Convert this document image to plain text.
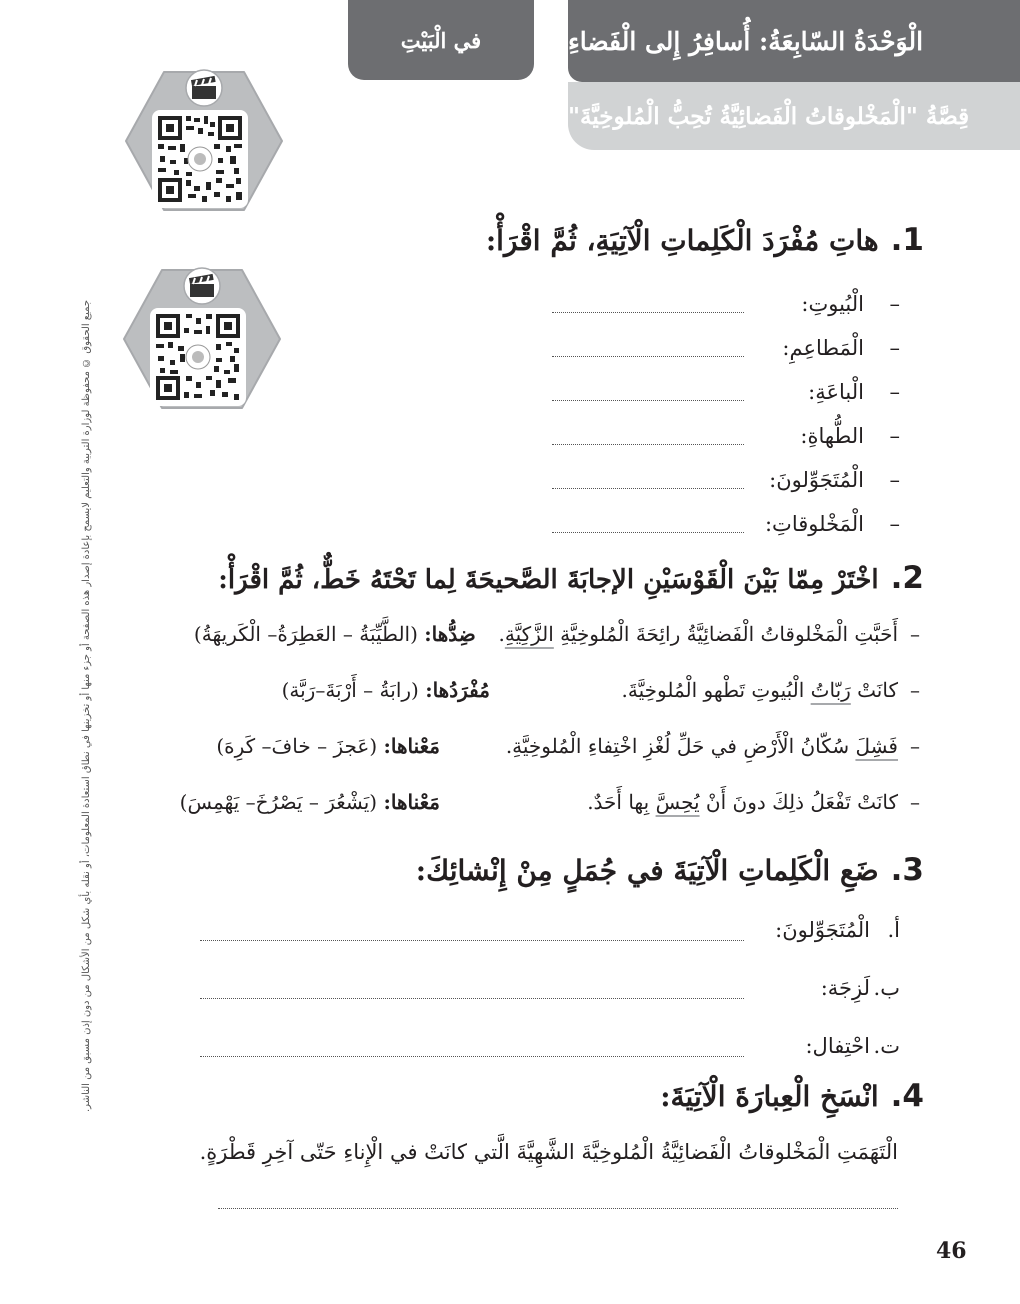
الْوَحْدَةُ السّابِعَةُ: أُسافِرُ إِلى الْفَضاءِ
قِصَّةُ "الْمَخْلوقاتُ الْفَضائِيَّةُ تُحِبُّ الْمُلوخِيَّةَ"
في الْبَيْتِ
جميع الحقوق © محفوظة لوزارة التربية والتعليم لايسمح بإعادة إصدار هذه الصفحة أو جزء منها أو تخزينها في نطاق استعادة المعلومات، أو نقله بأي شكل من الأشكال من دون إذن مسبق من الناشر.
1.هاتِ مُفْرَدَ الْكَلِماتِ الْآتِيَةِ، ثُمَّ اقْرَأْ:
–
الْبُيوتِ:
–
الْمَطاعِمِ:
–
الْباعَةِ:
–
الطُّهاةِ:
–
الْمُتَجَوِّلونَ:
–
الْمَخْلوقاتِ:
2.اخْتَرْ مِمّا بَيْنَ الْقَوْسَيْنِ الإجابَةَ الصَّحيحَةَ لِما تَحْتَهُ خَطٌّ، ثُمَّ اقْرَأْ:
–
أَحَبَّتِ الْمَخْلوقاتُ الْفَضائِيَّةُ رائِحَةَ الْمُلوخِيَّةِ الزَّكِيَّةِ.  ضِدُّها: (الطَّيِّبَةُ – العَطِرَةُ– الْكَريهَةُ)
–
كانَتْ رَبّاتُ الْبُيوتِ تَطْهو الْمُلوخِيَّةَ.
مُفْرَدُها: (رابَةُ – أَرْبَةَ–رَبَّة)
–
فَشِلَ سُكّانُ الْأَرْضِ في حَلِّ لُغْزِ اخْتِفاءِ الْمُلوخِيَّةِ.
مَعْناها: (عَجزَ – خافَ– كَرِهَ)
–
كانَتْ تَفْعَلُ ذلِكَ دونَ أَنْ يُحِسَّ بِها أَحَدٌ.
مَعْناها: (يَشْعُرَ – يَصْرُخَ– يَهْمِسَ)
3.ضَعِ الْكَلِماتِ الْآتِيَةَ في جُمَلٍ مِنْ إِنْشائِكَ:
أ.
الْمُتَجَوِّلونَ:
ب.
لَزِجَة:
ت.
احْتِفال:
4.انْسَخِ الْعِبارَةَ الْآتِيَةَ:
الْتَهَمَتِ الْمَخْلوقاتُ الْفَضائِيَّةُ الْمُلوخِيَّةَ الشَّهِيَّةَ الَّتي كانَتْ في الْإِناءِ حَتّى آخِرِ قَطْرَةٍ.
46
